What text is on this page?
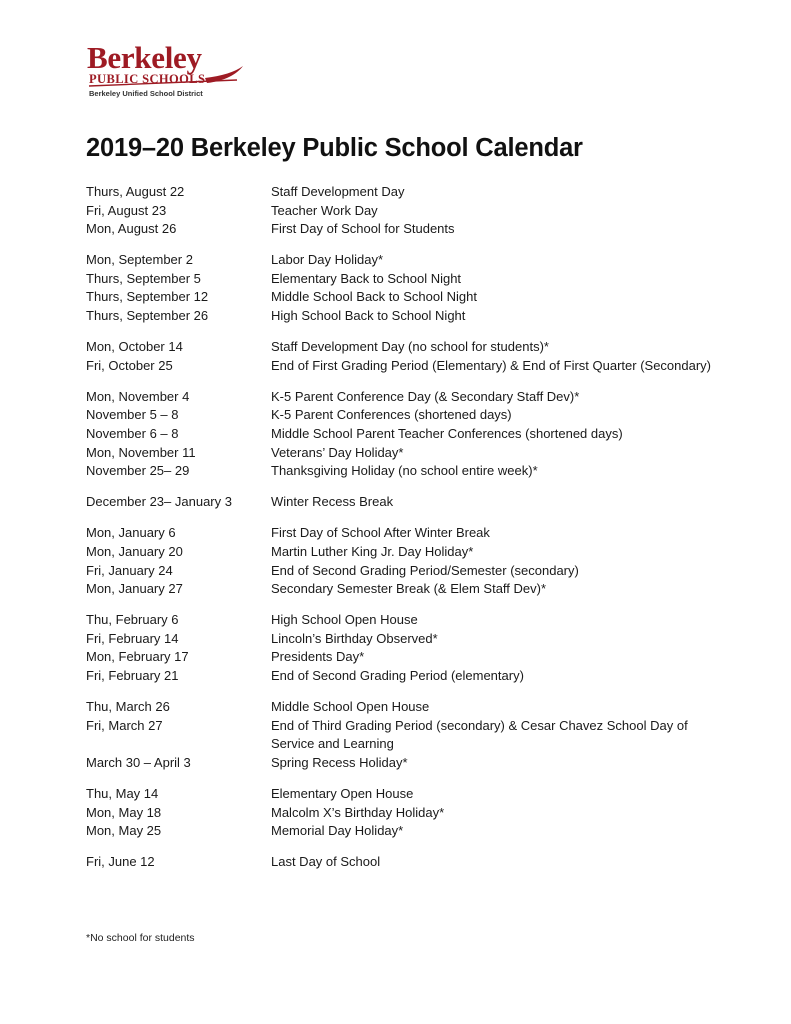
Berkeley
PUBLIC SCHOOLS
Berkeley Unified School District
2019–20 Berkeley Public School Calendar
Thurs, August 22	Staff Development Day
Fri, August 23	Teacher Work Day
Mon, August 26	First Day of School for Students
Mon, September 2	Labor Day Holiday*
Thurs, September 5	Elementary Back to School Night
Thurs, September 12	Middle School Back to School Night
Thurs, September 26	High School Back to School Night
Mon, October 14	Staff Development Day (no school for students)*
Fri, October 25	End of First Grading Period (Elementary) & End of First Quarter (Secondary)
Mon, November 4	K-5 Parent Conference Day (& Secondary Staff Dev)*
November 5 – 8	K-5 Parent Conferences (shortened days)
November 6 – 8	Middle School Parent Teacher Conferences (shortened days)
Mon, November 11	Veterans’ Day Holiday*
November 25– 29	Thanksgiving Holiday (no school entire week)*
December 23– January 3	Winter Recess Break
Mon, January 6	First Day of School After Winter Break
Mon, January 20	Martin Luther King Jr. Day Holiday*
Fri, January 24	End of Second Grading Period/Semester (secondary)
Mon, January 27	Secondary Semester Break (& Elem Staff Dev)*
Thu, February 6	High School Open House
Fri, February 14	Lincoln’s Birthday Observed*
Mon, February 17	Presidents Day*
Fri, February 21	End of Second Grading Period (elementary)
Thu, March 26	Middle School Open House
Fri, March 27	End of Third Grading Period (secondary) & Cesar Chavez School Day of Service and Learning
March 30 – April 3	Spring Recess Holiday*
Thu, May 14	Elementary Open House
Mon, May 18	Malcolm X’s Birthday Holiday*
Mon, May 25	Memorial Day Holiday*
Fri, June 12	Last Day of School
*No school for students
